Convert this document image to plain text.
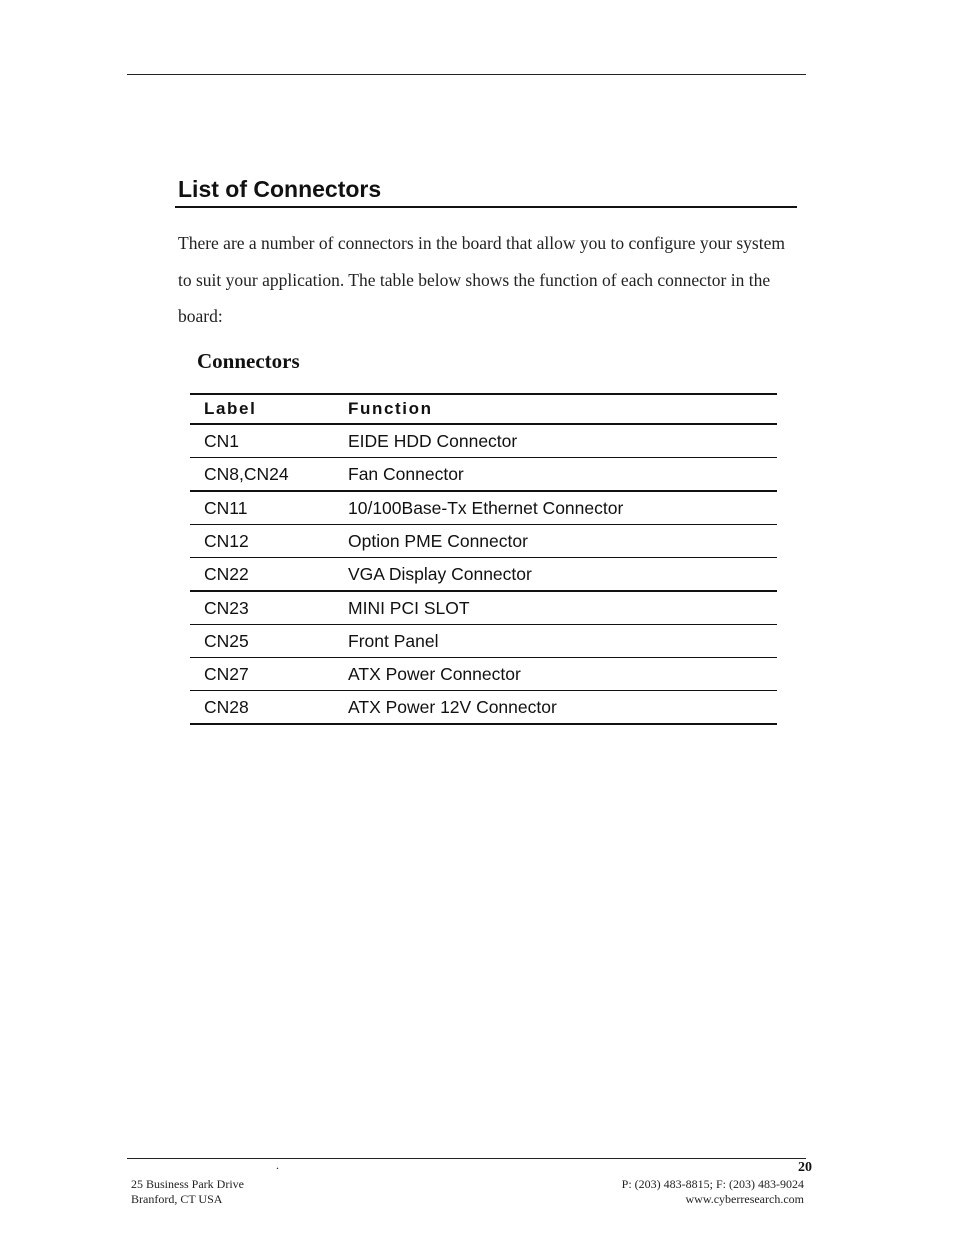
List of Connectors

There are a number of connectors in the board that allow you to configure your system to suit your application. The table below shows the function of each connector in the board:

Connectors
Label	Function
CN1	EIDE HDD Connector
CN8,CN24	Fan Connector
CN11	10/100Base-Tx Ethernet Connector
CN12	Option PME Connector
CN22	VGA Display Connector
CN23	MINI PCI SLOT
CN25	Front Panel
CN27	ATX Power Connector
CN28	ATX Power 12V Connector
.	20
25 Business Park Drive
Branford, CT USA
P: (203) 483-8815; F: (203) 483-9024
www.cyberresearch.com
